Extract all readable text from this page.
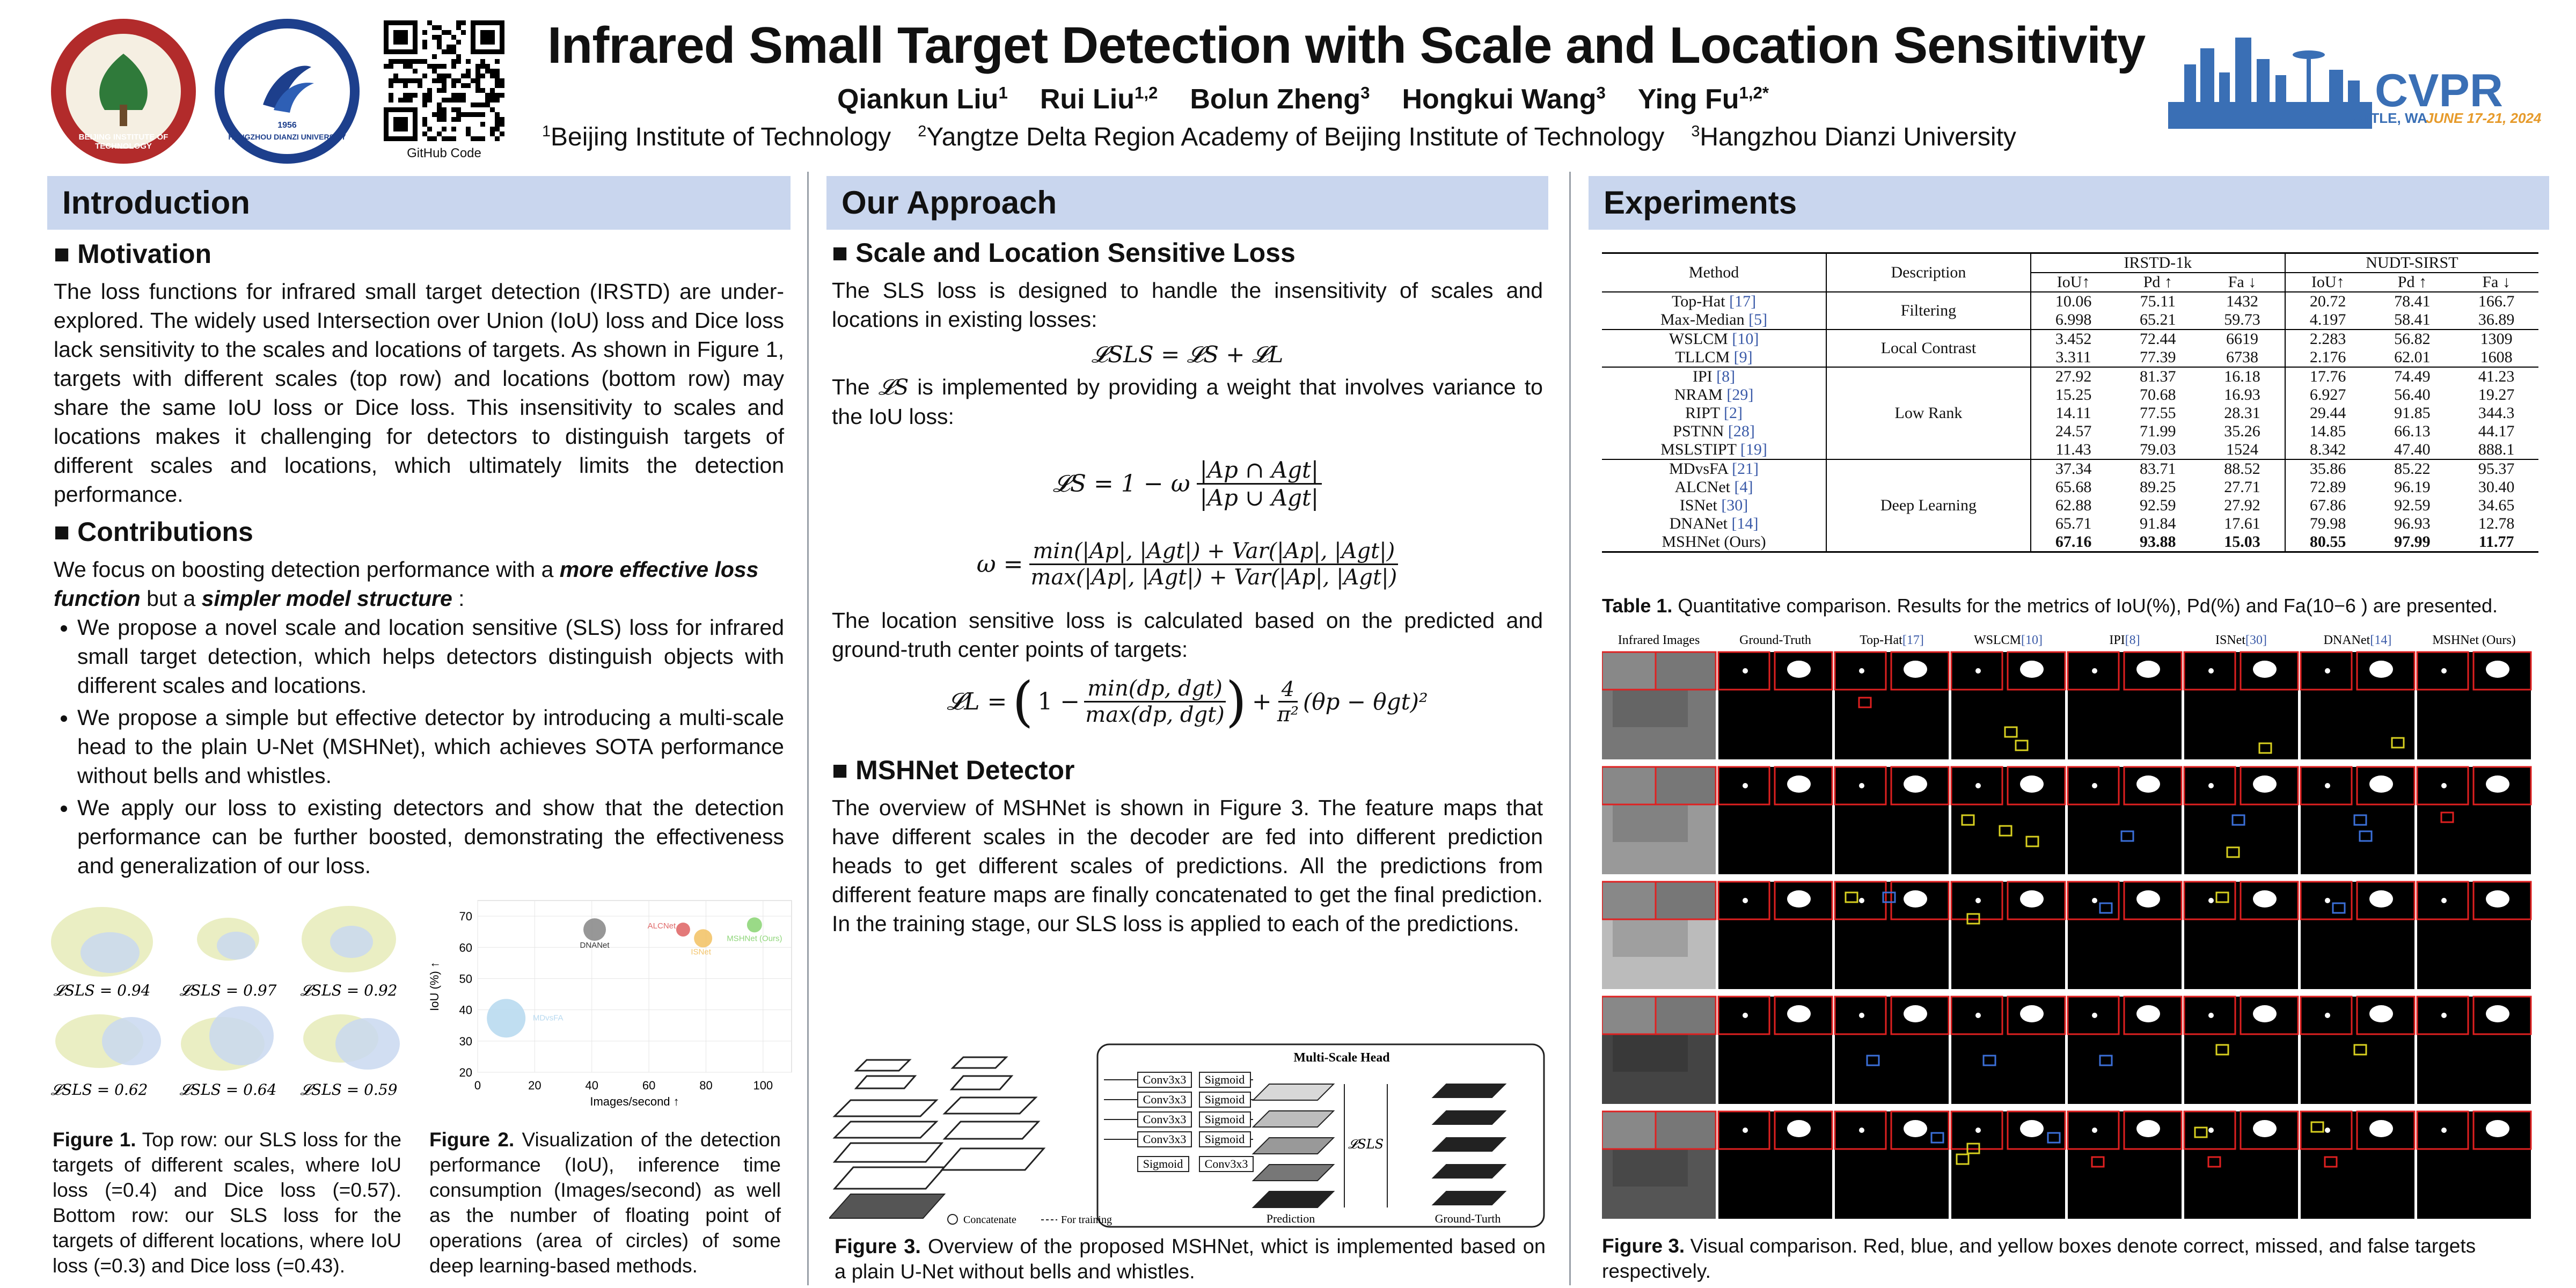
BEIJING INSTITUTE OF TECHNOLOGY
1956
HANGZHOU DIANZI UNIVERSITY
GitHub Code
Infrared Small Target Detection with Scale and Location Sensitivity
Qiankun Liu$^1$ Rui Liu$^{1,2}$ Bolun Zheng$^3$ Hongkui Wang$^3$ Ying $Fu^{1,2*}$
$^1$Beijing Institute of Technology $^2$Yangtze Delta Region Academy of Beijing Institute of Technology $^3$Hangzhou Dianzi University
CVPR
SEATTLE, WA
JUNE 17-21, 2024
Introduction
■ Motivation
The loss functions for infrared small target detection (IRSTD) are under-explored. The widely used Intersection over Union (IoU) loss and Dice loss lack sensitivity to the scales and locations of targets. As shown in Figure 1, targets with different scales (top row) and locations (bottom row) may share the same IoU loss or Dice loss. This insensitivity to scales and locations makes it challenging for detectors to distinguish targets of different scales and locations, which ultimately limits the detection performance.
■ Contributions
We focus on boosting detection performance with a more effective loss function but a simpler model structure :
• We propose a novel scale and location sensitive (SLS) loss for infrared small target detection, which helps detectors distinguish objects with different scales and locations.
• We propose a simple but effective detector by introducing a multi-scale head to the plain U-Net (MSHNet), which achieves SOTA performance without bells and whistles.
• We apply our loss to existing detectors and show that the detection performance can be further boosted, demonstrating the effectiveness and generalization of our loss.
𝓛SLS = 0.94 𝓛SLS = 0.97 𝓛SLS = 0.92
𝓛SLS = 0.62 𝓛SLS = 0.64 𝓛SLS = 0.59
Figure 1. Top row: our SLS loss for the targets of different scales, where IoU loss (=0.4) and Dice loss (=0.57). Bottom row: our SLS loss for the targets of different locations, where IoU loss (=0.3) and Dice loss (=0.43).
0	20	40	60	80	100
20
30
40
50
60
70
Images/second ↑
IoU (%) ↑
DNANet
ALCNet
ISNet
MSHNet (Ours)
MDvsFA
Figure 2. Visualization of the detection performance (IoU), inference time consumption (Images/second) as well as the number of floating point of operations (area of circles) of some deep learning-based methods.
Our Approach
■ Scale and Location Sensitive Loss
The SLS loss is designed to handle the insensitivity of scales and locations in existing losses:
𝓛SLS = 𝓛S + 𝓛L
The 𝓛S is implemented by providing a weight that involves variance to the IoU loss:
𝓛S = 1 − ω
|Ap ∩ Agt|
|Ap ∪ Agt|
ω = min(|Ap|, |Agt|) + Var(|Ap|, |Agt|)
max(|Ap|, |Agt|) + Var(|Ap|, |Agt|)
The location sensitive loss is calculated based on the predicted and ground-truth center points of targets:
𝓛L = ( 1 − min(dp, dgt)
max(dp, dgt) ) + $\frac{4}{\text{π²}} (\theta p - \theta gt)^2$
■ MSHNet Detector
The overview of MSHNet is shown in Figure 3. The feature maps that have different scales in the decoder are fed into different prediction heads to get different scales of predictions. All the predictions from different feature maps are finally concatenated to get the final prediction. In the training stage, our SLS loss is applied to each of the predictions.
Multi-Scale Head
Conv3x3 Sigmoid
Conv3x3 Sigmoid
Conv3x3 Sigmoid
Conv3x3 Sigmoid
Sigmoid Conv3x3
Prediction
𝓛SLS
Ground-Turth
Concatenate	For training
Figure 3. Overview of the proposed MSHNet, whict is implemented based on a plain U-Net without bells and whistles.
Experiments
Method	Description	IRSTD-1k			NUDT-SIRST		
		IoU↑	Pd ↑	Fa ↓	IoU↑	Pd ↑	Fa ↓
Top-Hat [17]	Filtering	10.06	75.11	1432	20.72	78.41	166.7
Max-Median [5]		6.998	65.21	59.73	4.197	58.41	36.89
WSLCM [10]	Local Contrast	3.452	72.44	6619	2.283	56.82	1309
TLLCM [9]		3.311	77.39	6738	2.176	62.01	1608
IPI [8]	Low Rank	27.92	81.37	16.18	17.76	74.49	41.23
NRAM [29]		15.25	70.68	16.93	6.927	56.40	19.27
RIPT [2]		14.11	77.55	28.31	29.44	91.85	344.3
PSTNN [28]		24.57	71.99	35.26	14.85	66.13	44.17
MSLSTIPT [19]		11.43	79.03	1524	8.342	47.40	888.1
MDvsFA [21]	Deep Learning	37.34	83.71	88.52	35.86	85.22	95.37
ALCNet [4]		65.68	89.25	27.71	72.89	96.19	30.40
ISNet [30]		62.88	92.59	27.92	67.86	92.59	34.65
DNANet [14]		65.71	91.84	17.61	79.98	96.93	12.78
MSHNet (Ours)		67.16	93.88	15.03	80.55	97.99	11.77
Table 1. Quantitative comparison. Results for the metrics of IoU(%), Pd(%) and Fa(10−6 ) are presented.
Infrared Images	Ground-Truth	Top-Hat[17]	WSLCM[10]	IPI[8]	ISNet[30]	DNANet[14]	MSHNet (Ours)
Figure 3. Visual comparison. Red, blue, and yellow boxes denote correct, missed, and false targets respectively.
